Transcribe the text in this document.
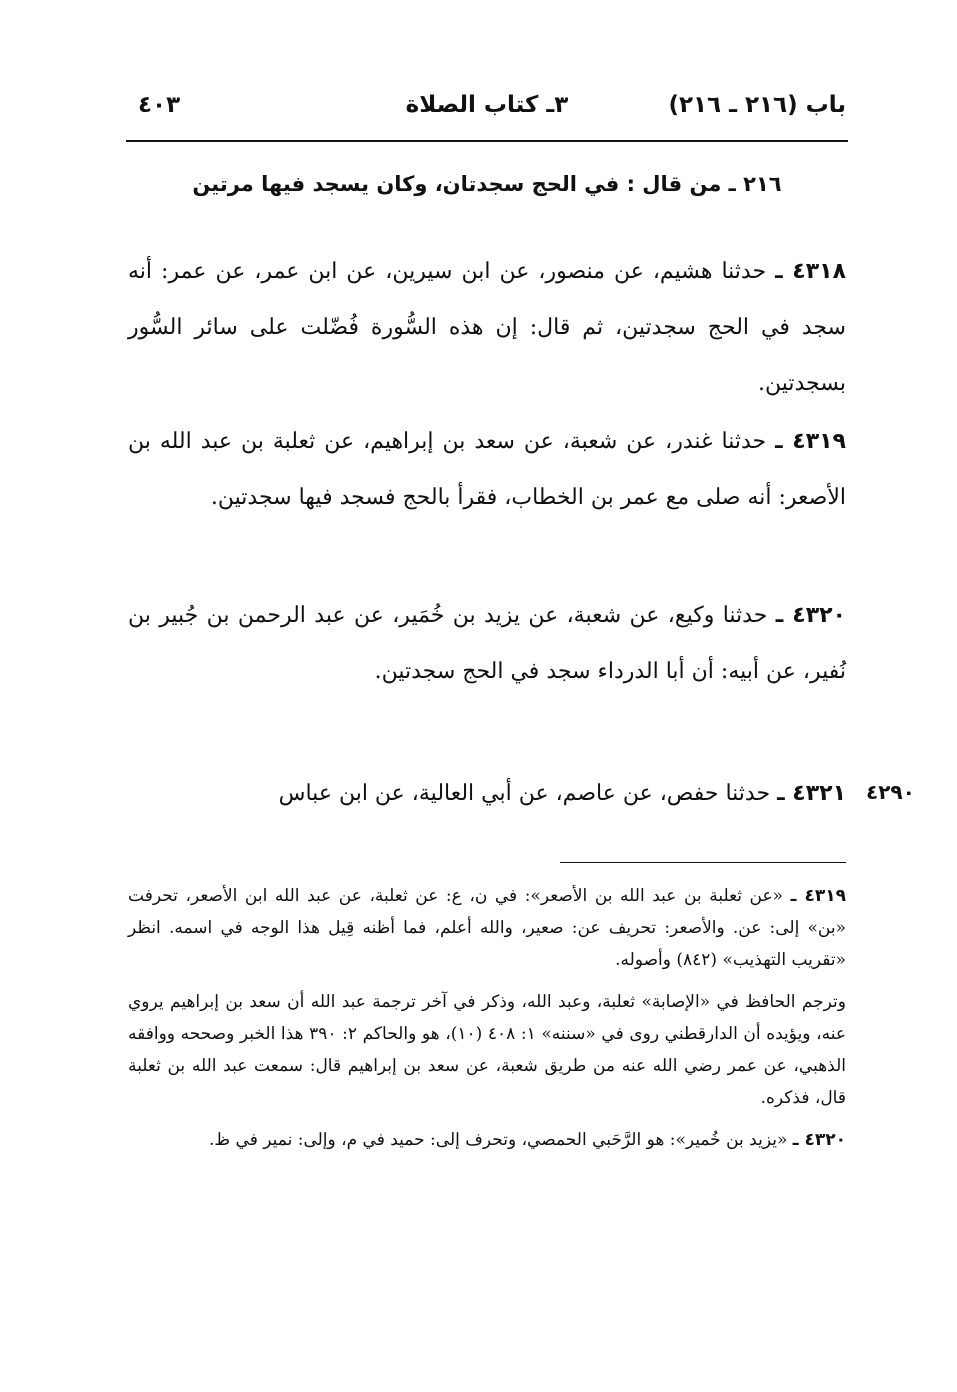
باب (٢١٦ ـ ٢١٦)
٣ـ كتاب الصلاة
٤٠٣
٢١٦ ـ من قال : في الحج سجدتان، وكان يسجد فيها مرتين
٤٣١٨ ـ حدثنا هشيم، عن منصور، عن ابن سيرين، عن ابن عمر، عن عمر: أنه سجد في الحج سجدتين، ثم قال: إن هذه السُّورة فُضّلت على سائر السُّور بسجدتين.
٤٣١٩ ـ حدثنا غندر، عن شعبة، عن سعد بن إبراهيم، عن ثعلبة بن عبد الله بن الأصعر: أنه صلى مع عمر بن الخطاب، فقرأ بالحج فسجد فيها سجدتين.
٤٣٢٠ ـ حدثنا وكيع، عن شعبة، عن يزيد بن خُمَير، عن عبد الرحمن بن جُبير بن نُفير، عن أبيه: أن أبا الدرداء سجد في الحج سجدتين.
٤٣٢١ ـ حدثنا حفص، عن عاصم، عن أبي العالية، عن ابن عباس	٤٢٩٠

٤٣١٩ ـ «عن ثعلبة بن عبد الله بن الأصعر»: في ن، ع: عن ثعلبة، عن عبد الله ابن الأصعر، تحرفت «بن» إلى: عن. والأصعر: تحريف عن: صعير، والله أعلم، فما أظنه قِيل هذا الوجه في اسمه. انظر «تقريب التهذيب» (٨٤٢) وأصوله.

وترجم الحافظ في «الإصابة» ثعلبة، وعبد الله، وذكر في آخر ترجمة عبد الله أن سعد بن إبراهيم يروي عنه، ويؤيده أن الدارقطني روى في «سننه» ١: ٤٠٨ (١٠)، هو والحاكم ٢: ٣٩٠ هذا الخبر وصححه ووافقه الذهبي، عن عمر رضي الله عنه من طريق شعبة، عن سعد بن إبراهيم قال: سمعت عبد الله بن ثعلبة قال، فذكره.

٤٣٢٠ ـ «يزيد بن خُمير»: هو الرَّحَبي الحمصي، وتحرف إلى: حميد في م، وإلى: نمير في ظ.
